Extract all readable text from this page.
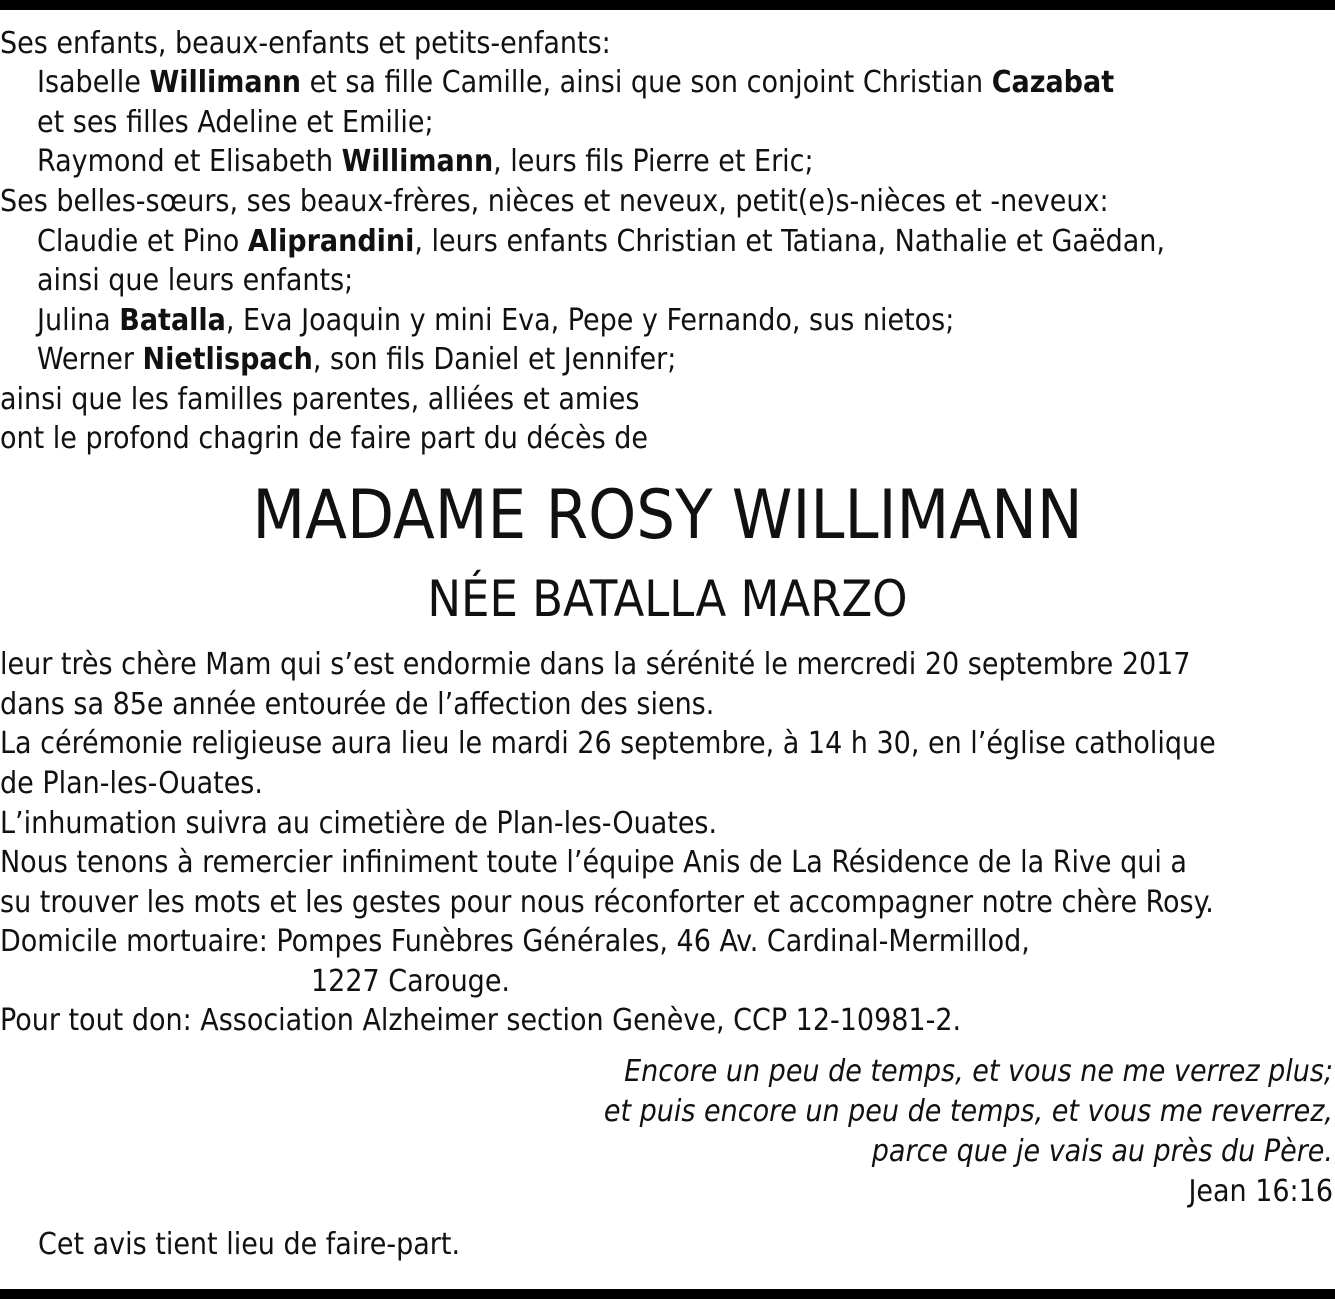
Ses enfants, beaux-enfants et petits-enfants:
Isabelle Willimann et sa fille Camille, ainsi que son conjoint Christian Cazabat
et ses filles Adeline et Emilie;
Raymond et Elisabeth Willimann, leurs fils Pierre et Eric;
Ses belles-sœurs, ses beaux-frères, nièces et neveux, petit(e)s-nièces et -neveux:
Claudie et Pino Aliprandini, leurs enfants Christian et Tatiana, Nathalie et Gaëdan,
ainsi que leurs enfants;
Julina Batalla, Eva Joaquin y mini Eva, Pepe y Fernando, sus nietos;
Werner Nietlispach, son fils Daniel et Jennifer;
ainsi que les familles parentes, alliées et amies
ont le profond chagrin de faire part du décès de
MADAME ROSY WILLIMANN
NÉE BATALLA MARZO
leur très chère Mam qui s’est endormie dans la sérénité le mercredi 20 septembre 2017
dans sa 85e année entourée de l’affection des siens.
La cérémonie religieuse aura lieu le mardi 26 septembre, à 14 h 30, en l’église catholique
de Plan-les-Ouates.
L’inhumation suivra au cimetière de Plan-les-Ouates.
Nous tenons à remercier infiniment toute l’équipe Anis de La Résidence de la Rive qui a
su trouver les mots et les gestes pour nous réconforter et accompagner notre chère Rosy.
Domicile mortuaire: Pompes Funèbres Générales, 46 Av. Cardinal-Mermillod,
1227 Carouge.
Pour tout don: Association Alzheimer section Genève, CCP 12-10981-2.
Encore un peu de temps, et vous ne me verrez plus;
et puis encore un peu de temps, et vous me reverrez,
parce que je vais au près du Père.
Jean 16:16
Cet avis tient lieu de faire-part.
